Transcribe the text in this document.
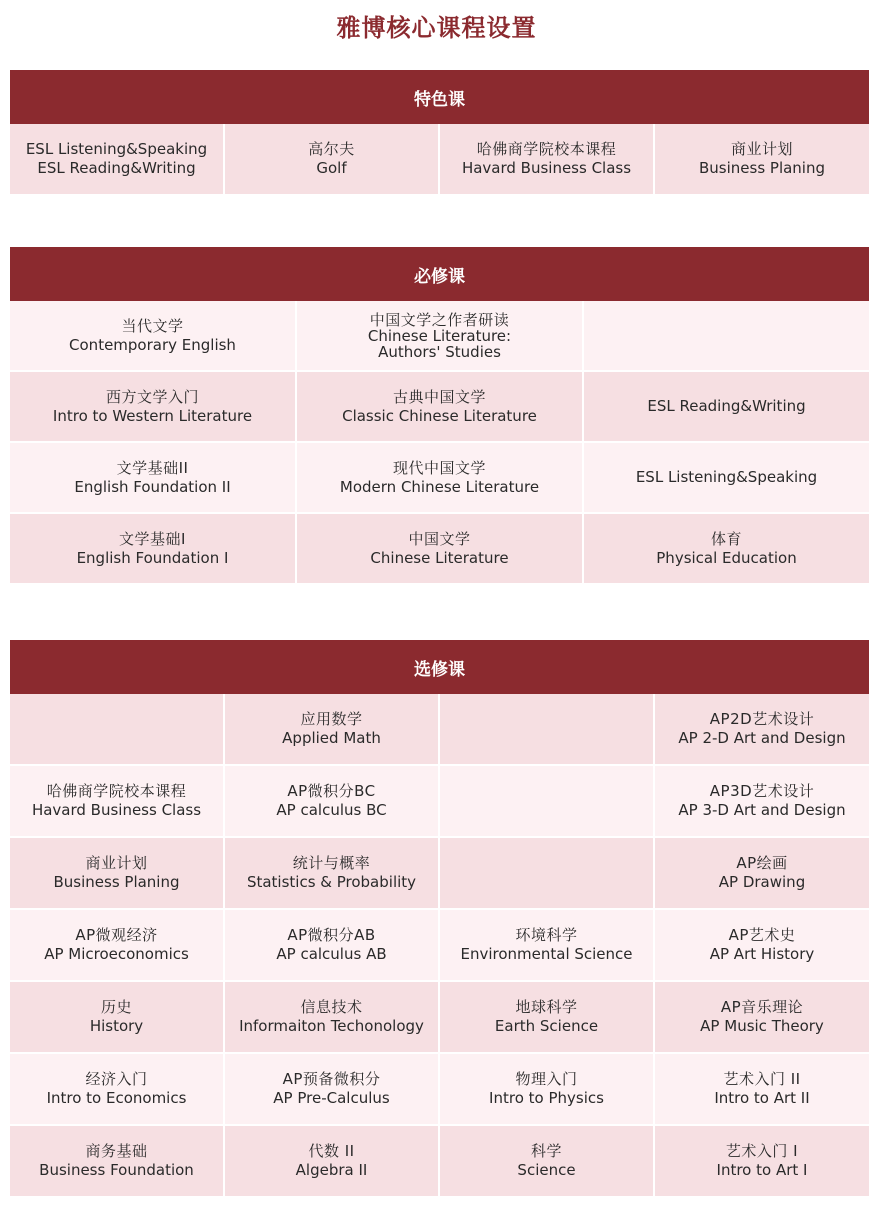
雅博核心课程设置
特色课
ESL Listening&Speaking
ESL Reading&Writing
高尔夫
Golf
哈佛商学院校本课程
Havard Business Class
商业计划
Business Planing
必修课
当代文学
Contemporary English
中国文学之作者研读
Chinese Literature:
Authors' Studies
西方文学入门
Intro to Western Literature
古典中国文学
Classic Chinese Literature
ESL Reading&Writing
文学基础II
English Foundation II
现代中国文学
Modern Chinese Literature
ESL Listening&Speaking
文学基础I
English Foundation I
中国文学
Chinese Literature
体育
Physical Education
选修课
应用数学
Applied Math
AP2D艺术设计
AP 2-D Art and Design
哈佛商学院校本课程
Havard Business Class
AP微积分BC
AP calculus BC
AP3D艺术设计
AP 3-D Art and Design
商业计划
Business Planing
统计与概率
Statistics & Probability
AP绘画
AP Drawing
AP微观经济
AP Microeconomics
AP微积分AB
AP calculus AB
环境科学
Environmental Science
AP艺术史
AP Art History
历史
History
信息技术
Informaiton Techonology
地球科学
Earth Science
AP音乐理论
AP Music Theory
经济入门
Intro to Economics
AP预备微积分
AP Pre-Calculus
物理入门
Intro to Physics
艺术入门 II
Intro to Art II
商务基础
Business Foundation
代数 II
Algebra II
科学
Science
艺术入门 I
Intro to Art I
